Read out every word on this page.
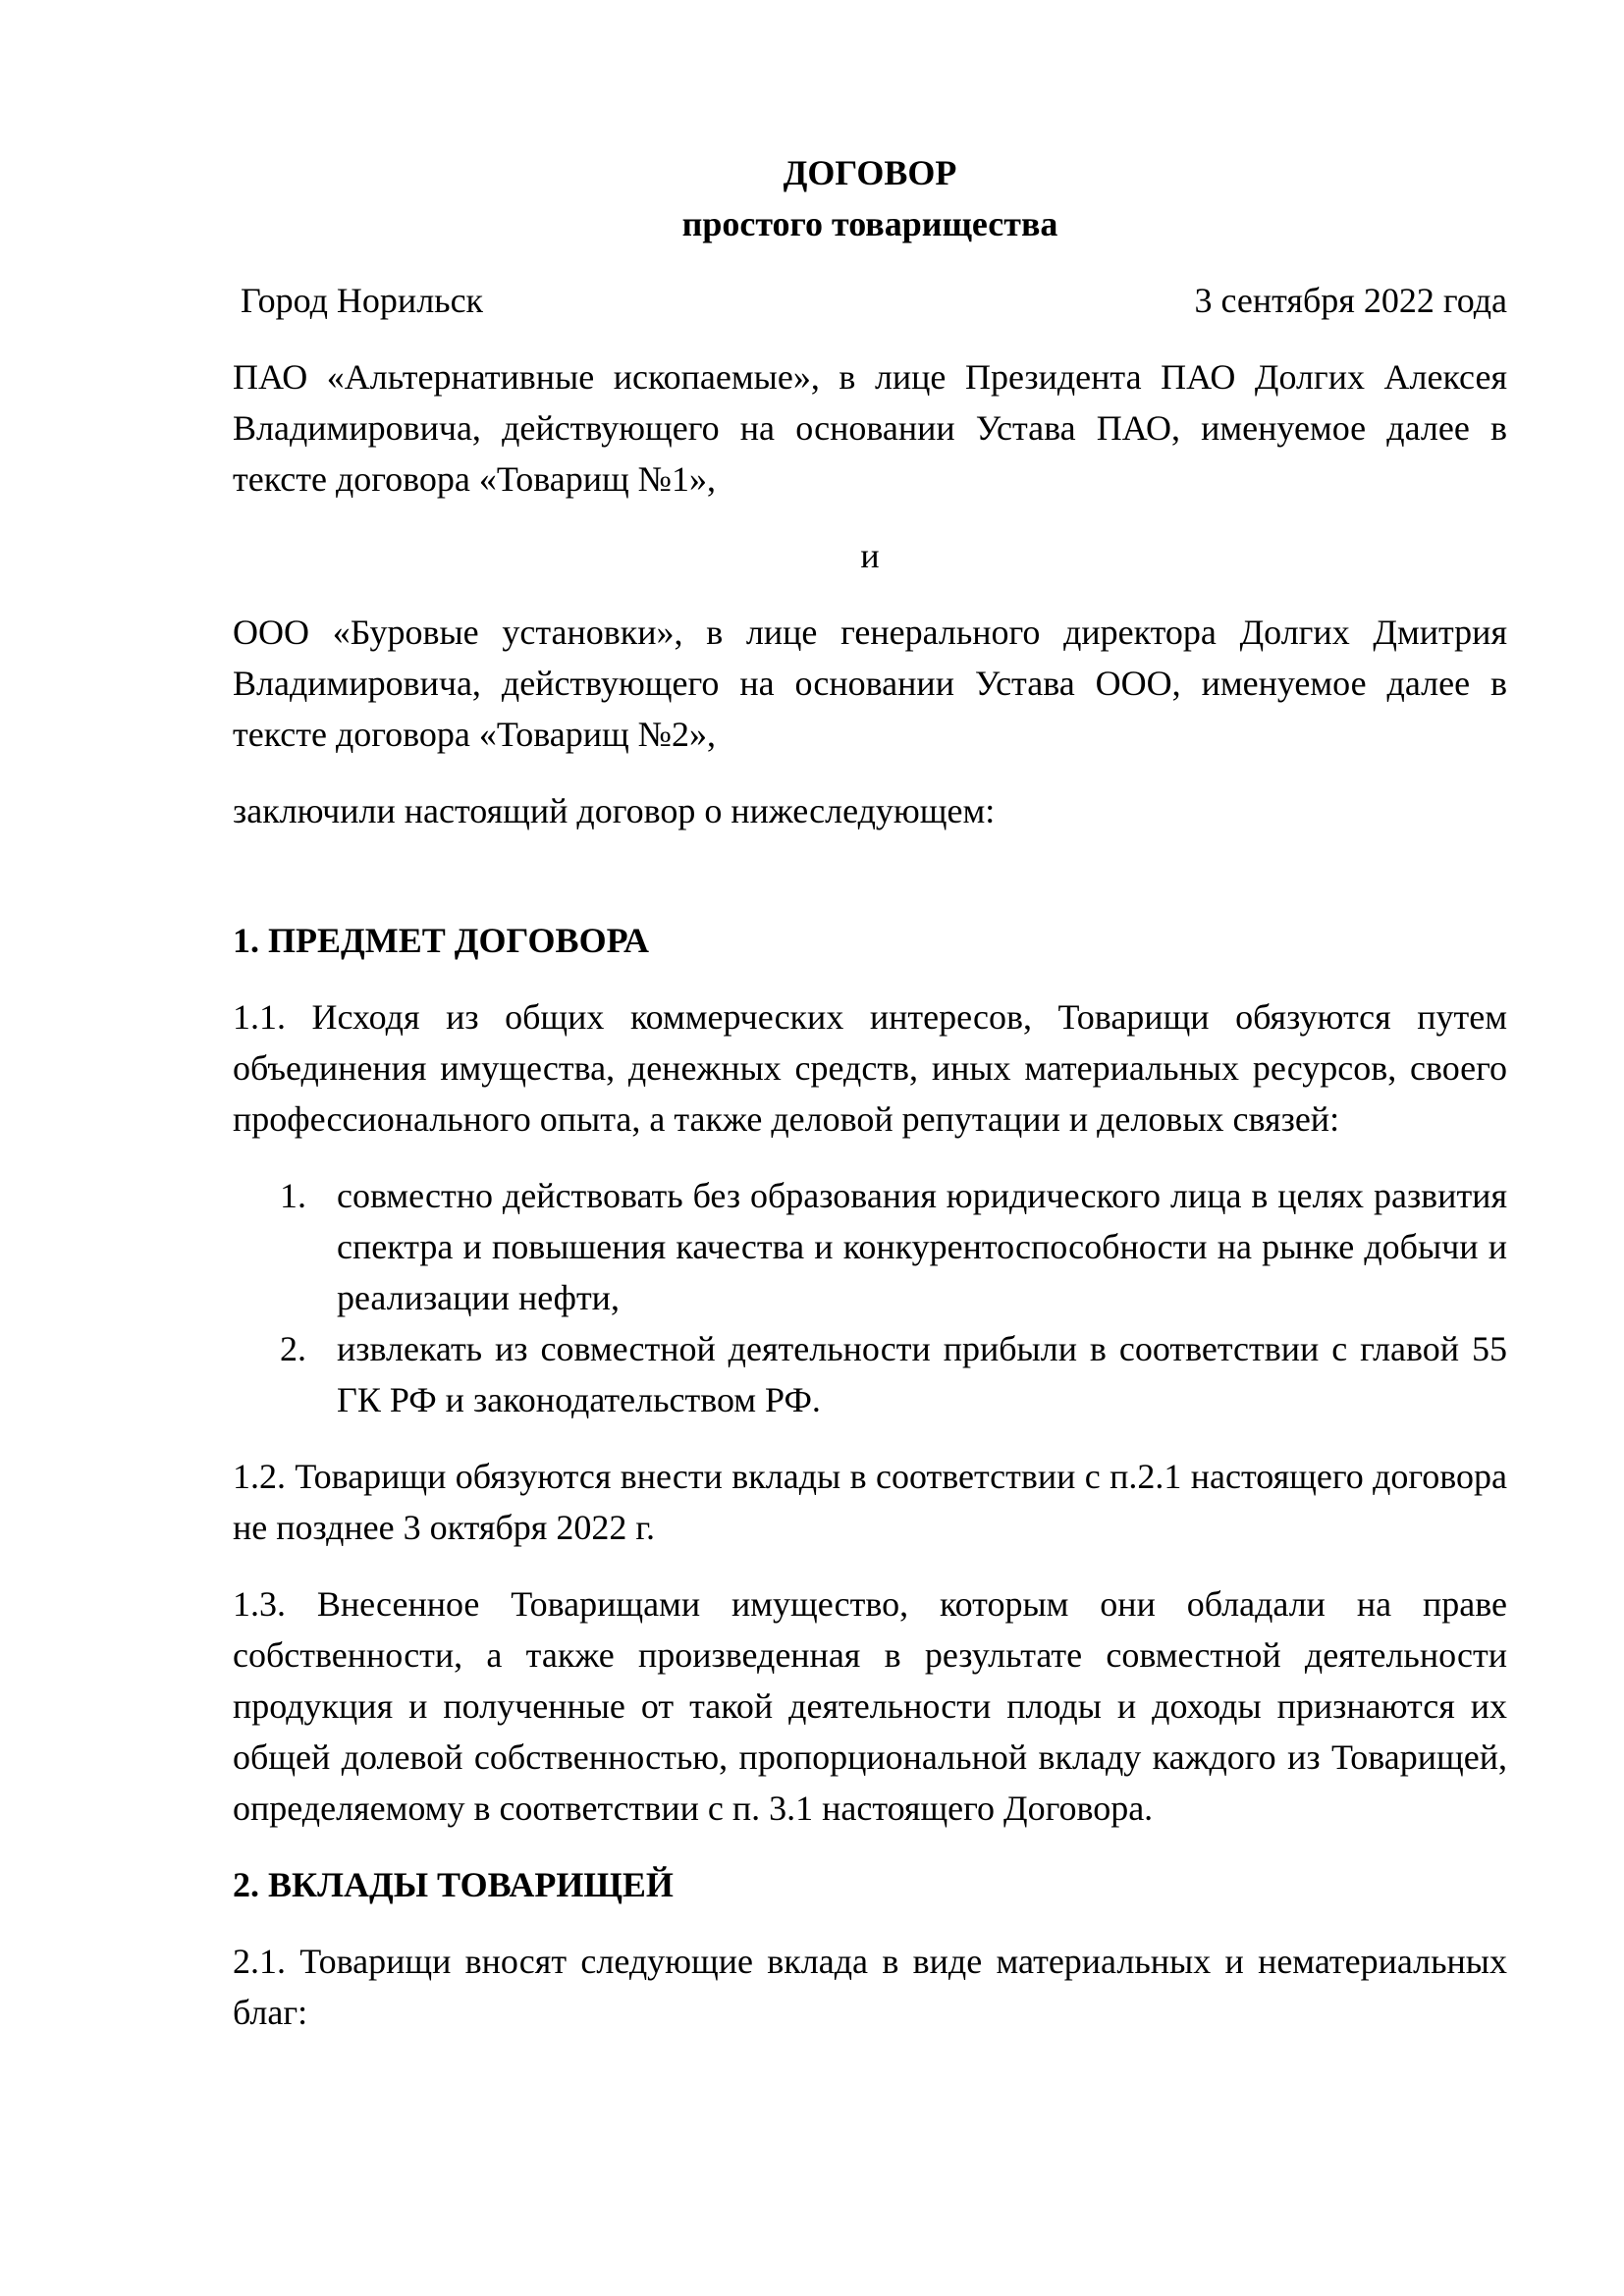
ДОГОВОР
простого товарищества
Город Норильск	3 сентября 2022 года

ПАО «Альтернативные ископаемые», в лице Президента ПАО Долгих Алексея Владимировича, действующего на основании Устава ПАО, именуемое далее в тексте договора «Товарищ №1»,

и

ООО «Буровые установки», в лице генерального директора Долгих Дмитрия Владимировича, действующего на основании Устава ООО, именуемое далее в тексте договора «Товарищ №2»,

заключили настоящий договор о нижеследующем:

1. ПРЕДМЕТ ДОГОВОРА

1.1. Исходя из общих коммерческих интересов, Товарищи обязуются путем объединения имущества, денежных средств, иных материальных ресурсов, своего профессионального опыта, а также деловой репутации и деловых связей:

1. совместно действовать без образования юридического лица в целях развития спектра и повышения качества и конкурентоспособности на рынке добычи и реализации нефти,
2. извлекать из совместной деятельности прибыли в соответствии с главой 55 ГК РФ и законодательством РФ.

1.2. Товарищи обязуются внести вклады в соответствии с п.2.1 настоящего договора не позднее 3 октября 2022 г.

1.3. Внесенное Товарищами имущество, которым они обладали на праве собственности, а также произведенная в результате совместной деятельности продукция и полученные от такой деятельности плоды и доходы признаются их общей долевой собственностью, пропорциональной вкладу каждого из Товарищей, определяемому в соответствии с п. 3.1 настоящего Договора.

2. ВКЛАДЫ ТОВАРИЩЕЙ

2.1. Товарищи вносят следующие вклада в виде материальных и нематериальных благ:
